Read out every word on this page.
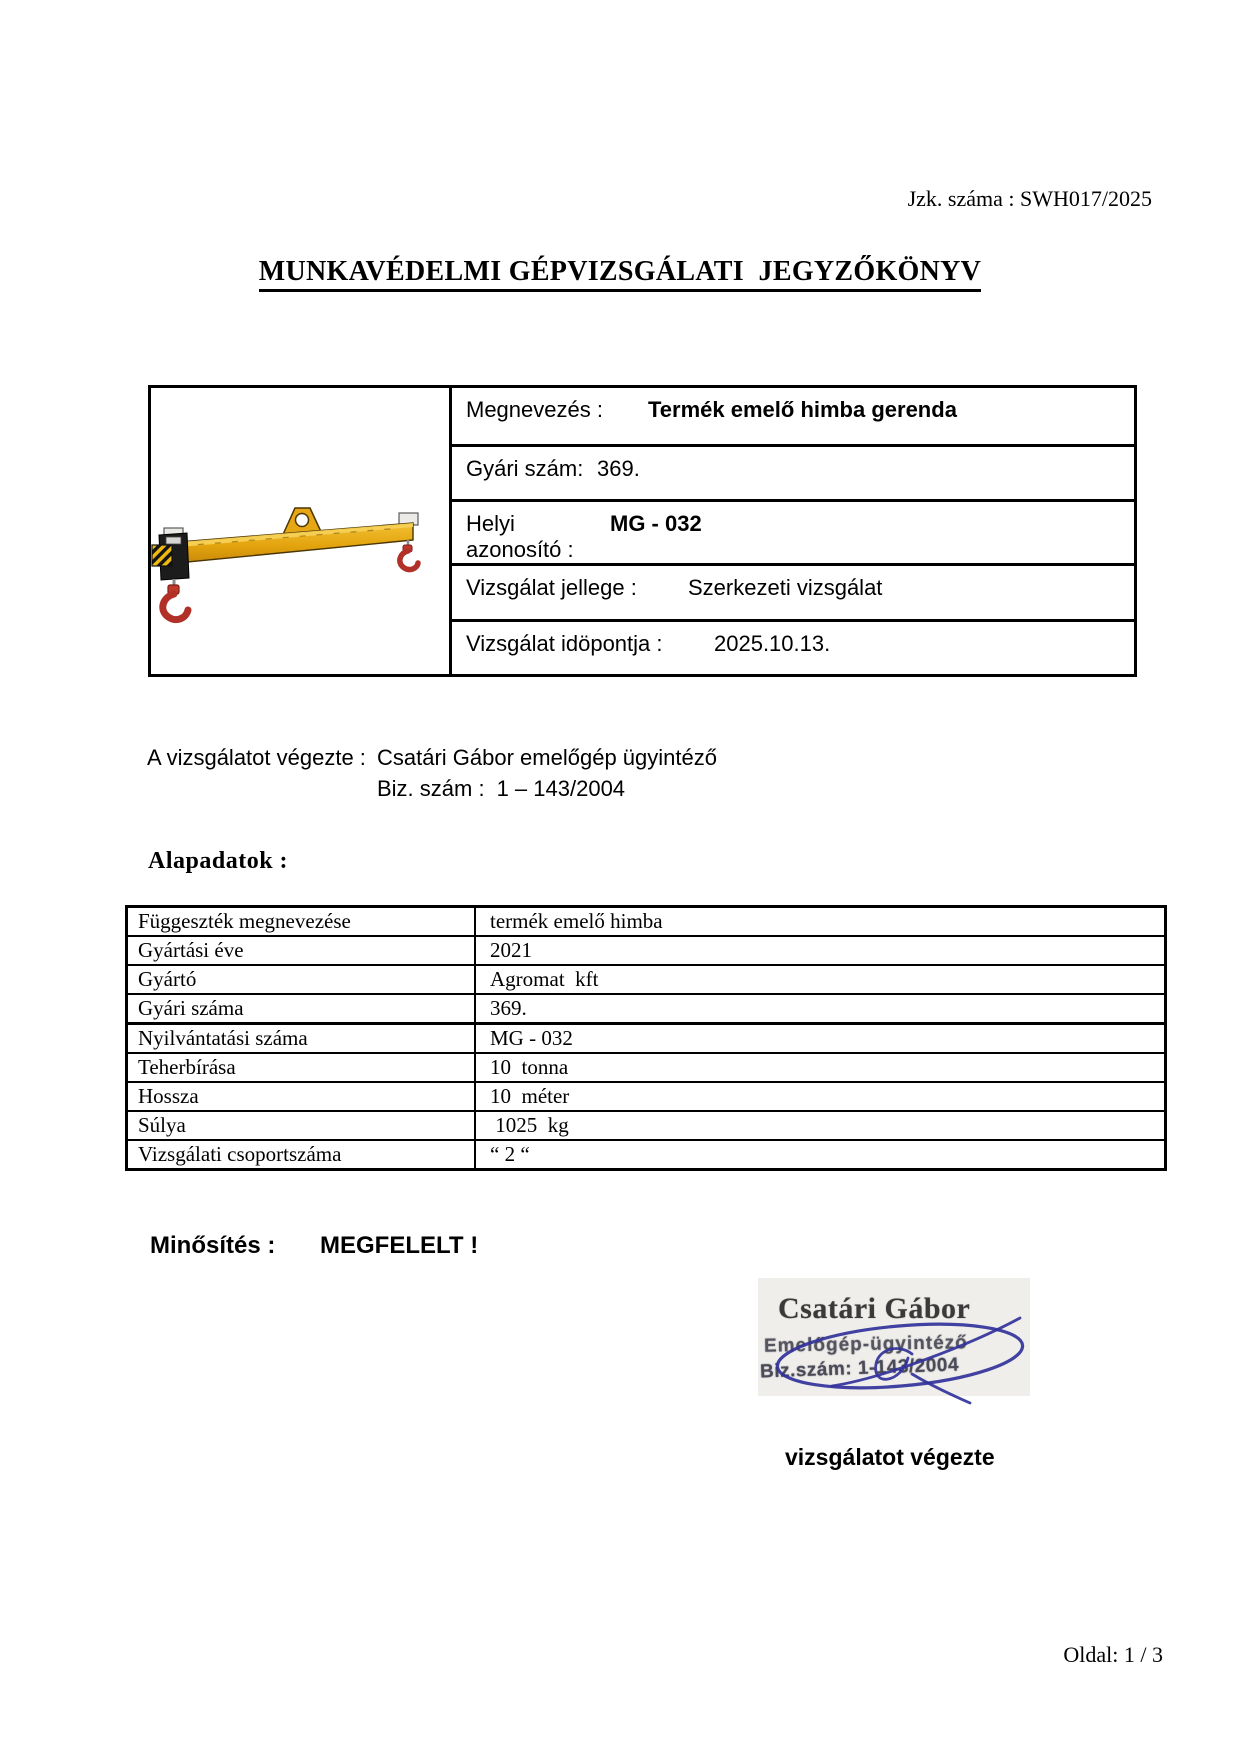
Jzk. száma : SWH017/2025
MUNKAVÉDELMI GÉPVIZSGÁLATI  JEGYZŐKÖNYV
Megnevezés : Termék emelő himba gerenda
Gyári szám: 369.
Helyi azonosító :MG - 032
Vizsgálat jellege : Szerkezeti vizsgálat
Vizsgálat idöpontja : 2025.10.13.
A vizsgálatot végezte : Csatári Gábor emelőgép ügyintéző
Biz. szám : 1 – 143/2004
Alapadatok :
Függeszték megnevezése	termék emelő himba
Gyártási éve	2021
Gyártó	Agromat  kft
Gyári száma	369.
Nyilvántatási száma	MG - 032
Teherbírása	10  tonna
Hossza	10  méter
Súlya	1025  kg
Vizsgálati csoportszáma	“ 2 “
Minősítés : MEGFELELT !
Csatári Gábor
Emelőgép-ügyintéző
Biz.szám: 1-143/2004
vizsgálatot végezte
Oldal: 1 / 3
